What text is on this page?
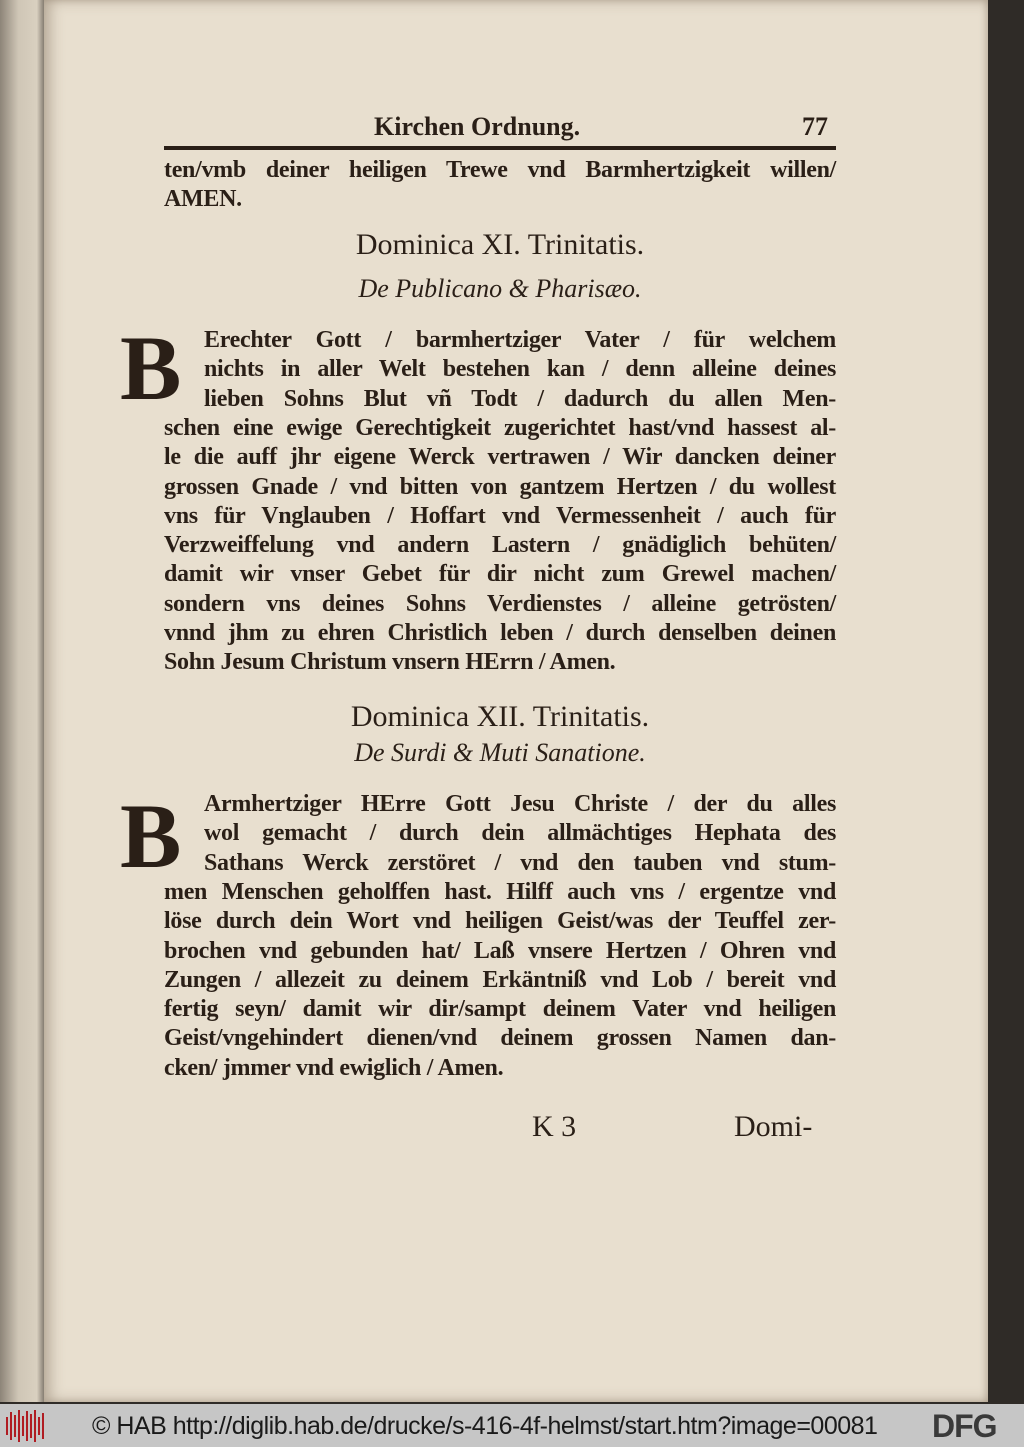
Kirchen Ordnung.	77
ten/vmb deiner heiligen Trewe vnd Barmhertzigkeit willen/
AMEN.
Dominica XI. Trinitatis.
De Publicano & Pharisæo.
B Erechter Gott / barmhertziger Vater / für welchem
nichts in aller Welt bestehen kan / denn alleine deines
lieben Sohns Blut vñ Todt / dadurch du allen Men-
schen eine ewige Gerechtigkeit zugerichtet hast/vnd hassest al-
le die auff jhr eigene Werck vertrawen / Wir dancken deiner
grossen Gnade / vnd bitten von gantzem Hertzen / du wollest
vns für Vnglauben / Hoffart vnd Vermessenheit / auch für
Verzweiffelung vnd andern Lastern / gnädiglich behüten/
damit wir vnser Gebet für dir nicht zum Grewel machen/
sondern vns deines Sohns Verdienstes / alleine getrösten/
vnnd jhm zu ehren Christlich leben / durch denselben deinen
Sohn Jesum Christum vnsern HErrn / Amen.
Dominica XII. Trinitatis.
De Surdi & Muti Sanatione.
B Armhertziger HErre Gott Jesu Christe / der du alles
wol gemacht / durch dein allmächtiges Hephata des
Sathans Werck zerstöret / vnd den tauben vnd stum-
men Menschen geholffen hast. Hilff auch vns / ergentze vnd
löse durch dein Wort vnd heiligen Geist/was der Teuffel zer-
brochen vnd gebunden hat/ Laß vnsere Hertzen / Ohren vnd
Zungen / allezeit zu deinem Erkäntniß vnd Lob / bereit vnd
fertig seyn/ damit wir dir/sampt deinem Vater vnd heiligen
Geist/vngehindert dienen/vnd deinem grossen Namen dan-
cken/ jmmer vnd ewiglich / Amen.
K 3	Domi-
© HAB http://diglib.hab.de/drucke/s-416-4f-helmst/start.htm?image=00081 DFG
